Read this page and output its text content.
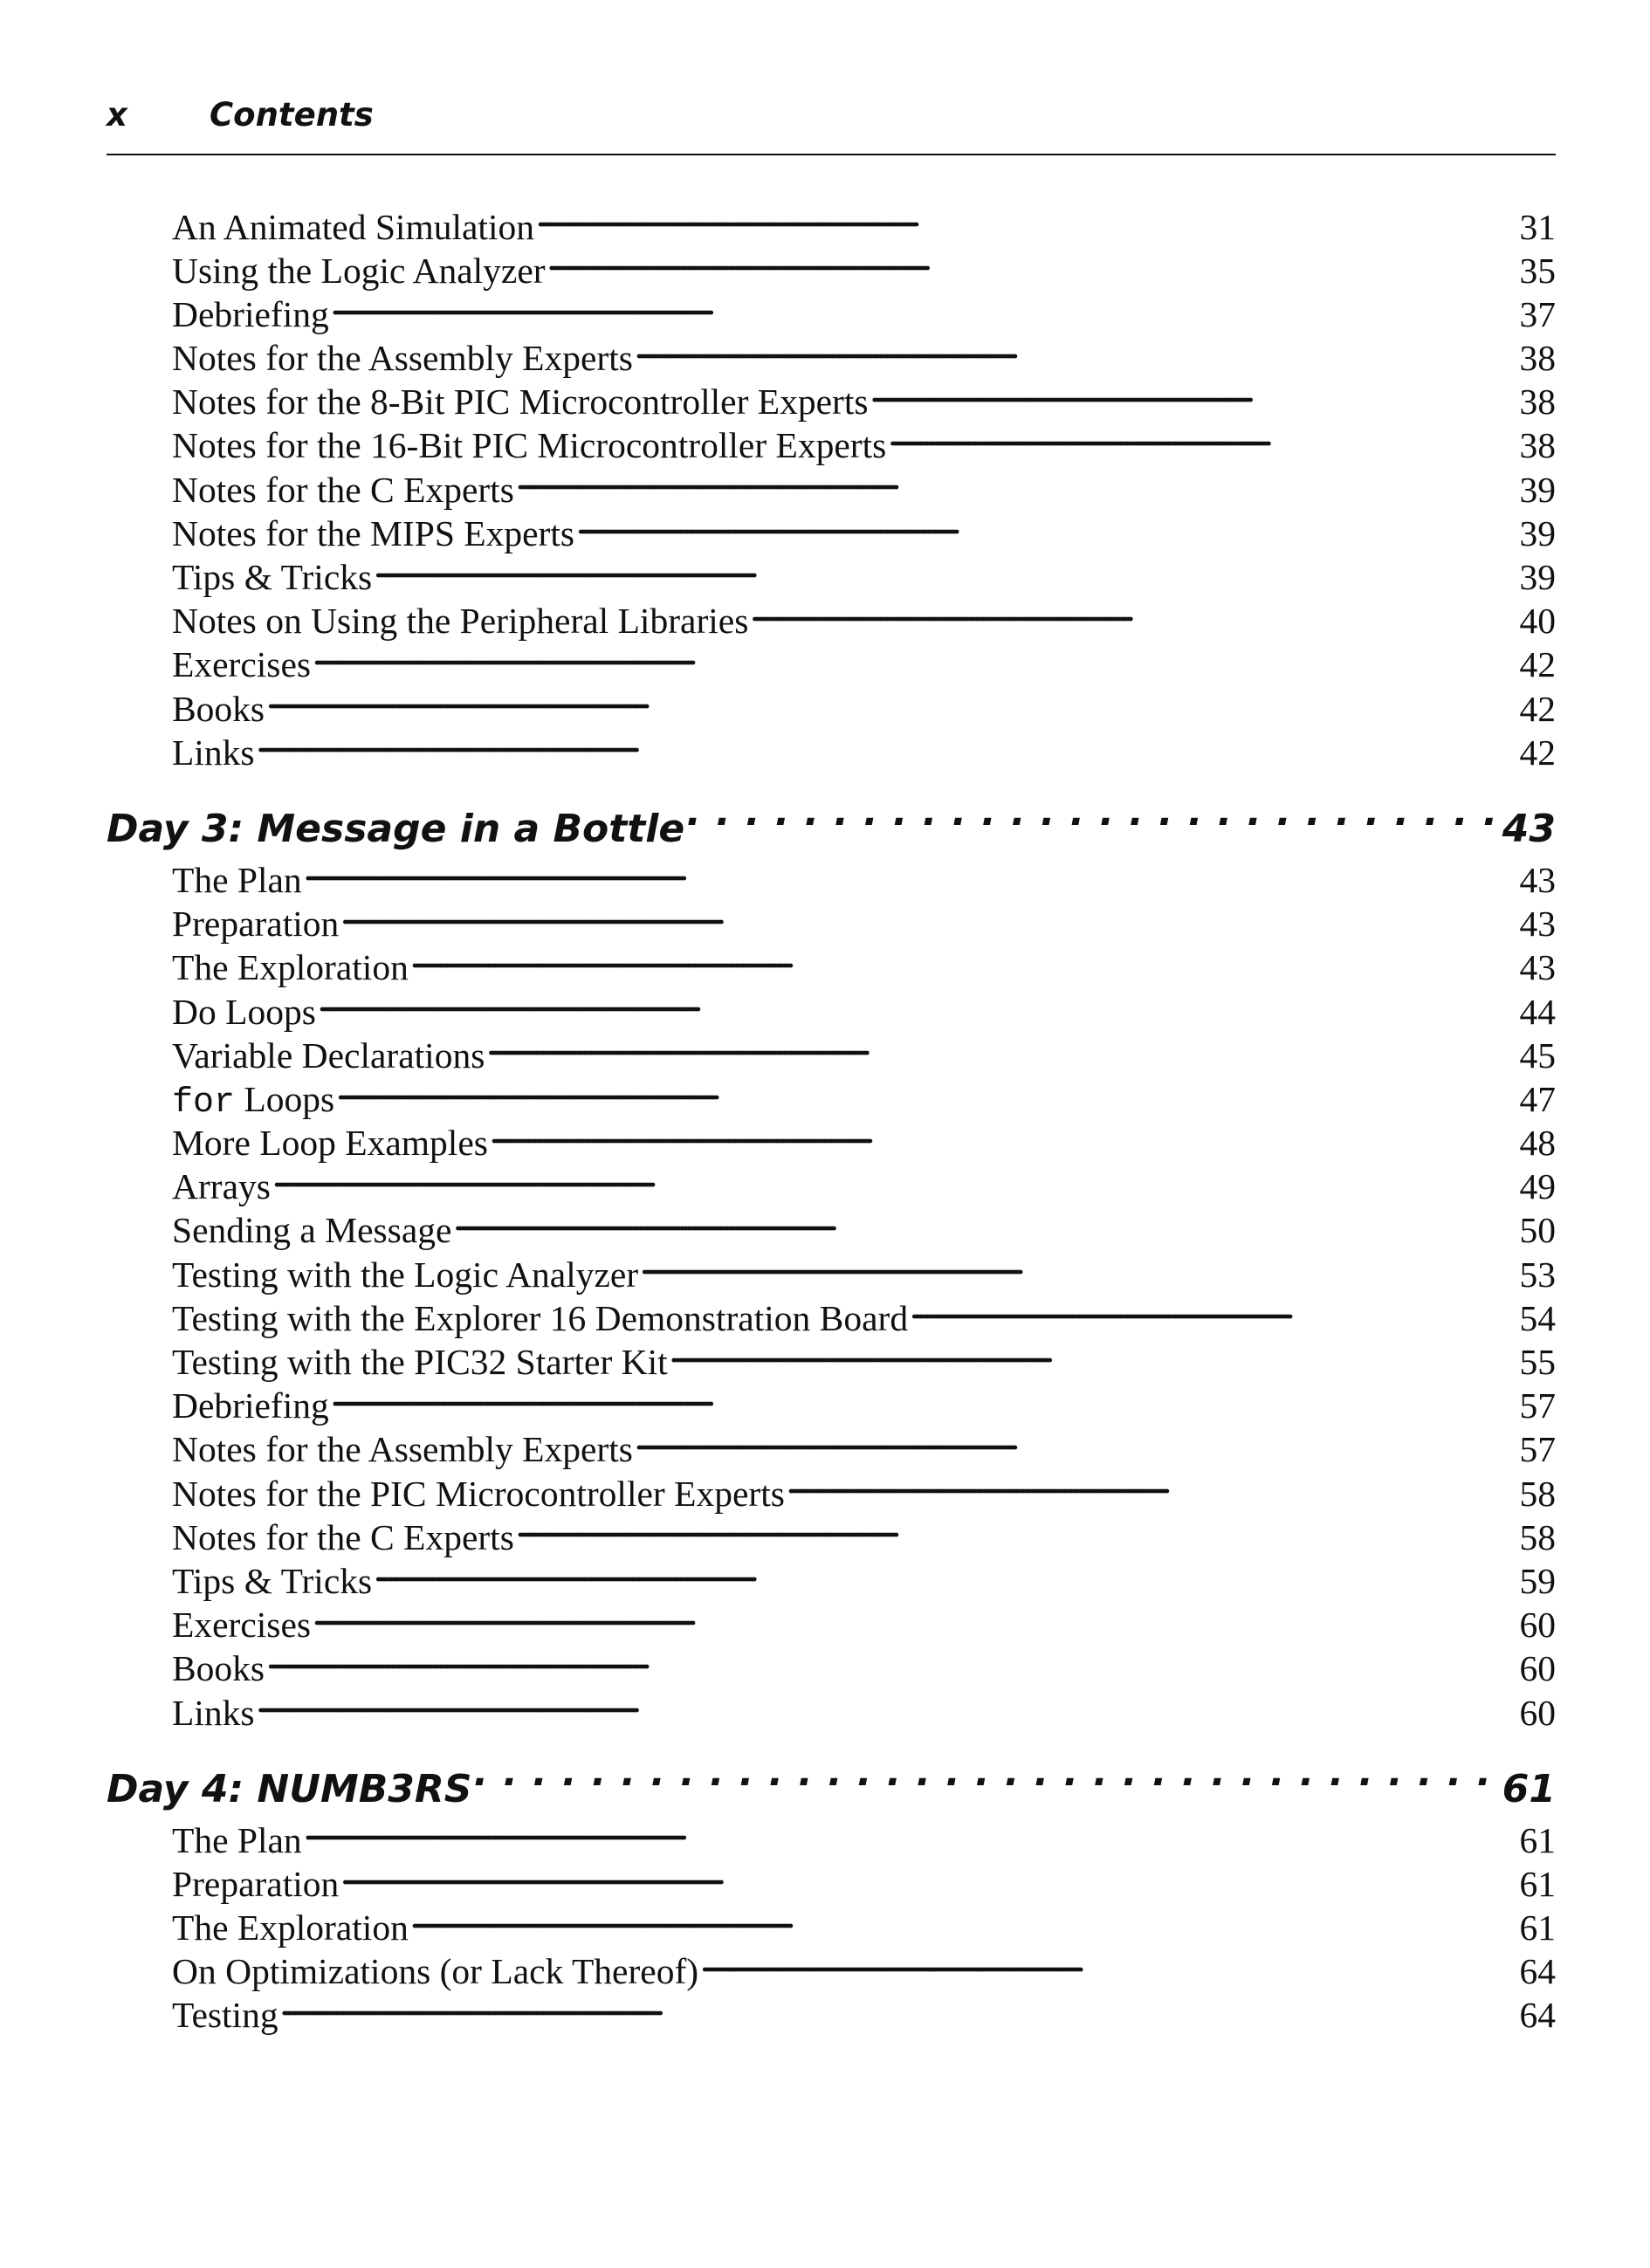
x	Contents
An Animated Simulation . . .	31
Using the Logic Analyzer . . .	35
Debriefing . . .	37
Notes for the Assembly Experts . . .	38
Notes for the 8-Bit PIC Microcontroller Experts . . .	38
Notes for the 16-Bit PIC Microcontroller Experts . . .	38
Notes for the C Experts . . .	39
Notes for the MIPS Experts . . .	39
Tips & Tricks . . .	39
Notes on Using the Peripheral Libraries . . .	40
Exercises . . .	42
Books . . .	42
Links . . .	42
Day 3: Message in a Bottle . . .	43
The Plan . . .	43
Preparation . . .	43
The Exploration . . .	43
Do Loops . . .	44
Variable Declarations . . .	45
for Loops . . .	47
More Loop Examples . . .	48
Arrays . . .	49
Sending a Message . . .	50
Testing with the Logic Analyzer . . .	53
Testing with the Explorer 16 Demonstration Board . . .	54
Testing with the PIC32 Starter Kit . . .	55
Debriefing . . .	57
Notes for the Assembly Experts . . .	57
Notes for the PIC Microcontroller Experts . . .	58
Notes for the C Experts . . .	58
Tips & Tricks . . .	59
Exercises . . .	60
Books . . .	60
Links . . .	60
Day 4: NUMB3RS . . .	61
The Plan . . .	61
Preparation . . .	61
The Exploration . . .	61
On Optimizations (or Lack Thereof) . . .	64
Testing . . .	64
